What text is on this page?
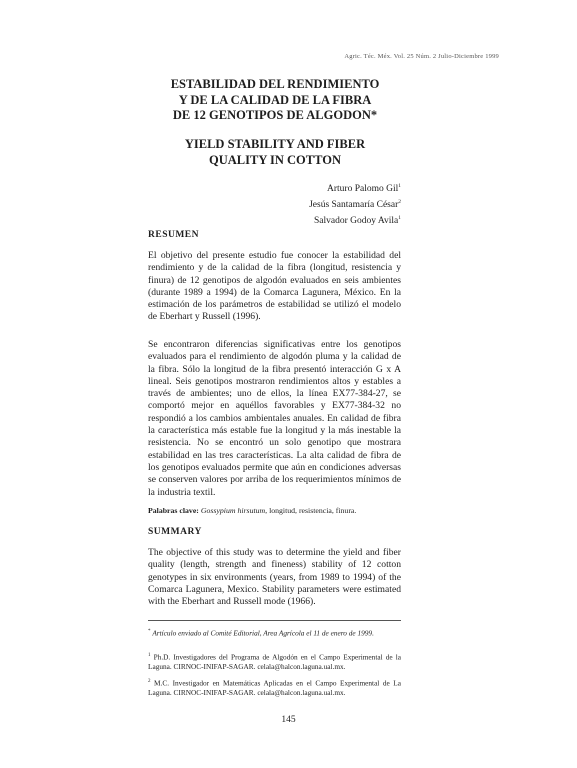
Agric. Téc. Méx. Vol. 25 Núm. 2 Julio-Diciembre 1999
ESTABILIDAD DEL RENDIMIENTO
Y DE LA CALIDAD DE LA FIBRA
DE 12 GENOTIPOS DE ALGODON*
YIELD STABILITY AND FIBER
QUALITY IN COTTON
Arturo Palomo Gil$^1$
Jesús Santamaría César$^2$
Salvador Godoy Avila$^1$
RESUMEN
El objetivo del presente estudio fue conocer la estabilidad del rendimiento y de la calidad de la fibra (longitud, resistencia y finura) de 12 genotipos de algodón evaluados en seis ambientes (durante 1989 a 1994) de la Comarca Lagunera, México. En la estimación de los parámetros de estabilidad se utilizó el modelo de Eberhart y Russell (1996).
Se encontraron diferencias significativas entre los genotipos evaluados para el rendimiento de algodón pluma y la calidad de la fibra. Sólo la longitud de la fibra presentó interacción G x A lineal. Seis genotipos mostraron rendimientos altos y estables a través de ambientes; uno de ellos, la línea EX77-384-27, se comportó mejor en aquéllos favorables y EX77-384-32 no respondió a los cambios ambientales anuales. En calidad de fibra la característica más estable fue la longitud y la más inestable la resistencia. No se encontró un solo genotipo que mostrara estabilidad en las tres características. La alta calidad de fibra de los genotipos evaluados permite que aún en condiciones adversas se conserven valores por arriba de los requerimientos mínimos de la industria textil.
Palabras clave: Gossypium hirsutum, longitud, resistencia, finura.
SUMMARY
The objective of this study was to determine the yield and fiber quality (length, strength and fineness) stability of 12 cotton genotypes in six environments (years, from 1989 to 1994) of the Comarca Lagunera, Mexico. Stability parameters were estimated with the Eberhart and Russell mode (1966).
* Artículo enviado al Comité Editorial, Area Agrícola el 11 de enero de 1999.
$^1$ Ph.D. Investigadores del Programa de Algodón en el Campo Experimental de la Laguna. CIRNOC-INIFAP-SAGAR. celala@halcon.laguna.ual.mx.
$^2$ M.C. Investigador en Matemáticas Aplicadas en el Campo Experimental de La Laguna. CIRNOC-INIFAP-SAGAR. celala@halcon.laguna.ual.mx.
145
